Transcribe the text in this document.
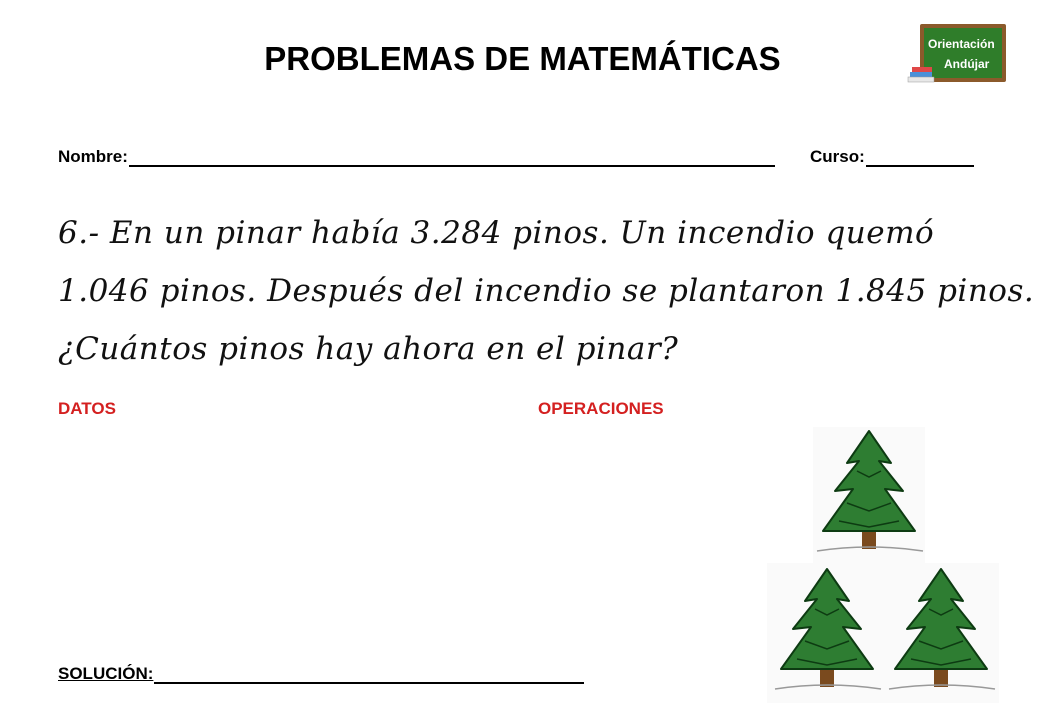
PROBLEMAS DE MATEMÁTICAS	Orientación
Andújar
Nombre:	Curso:
6.- En un pinar había 3.284 pinos. Un incendio quemó
1.046 pinos. Después del incendio se plantaron 1.845 pinos.
¿Cuántos pinos hay ahora en el pinar?
DATOS	OPERACIONES
SOLUCIÓN:
